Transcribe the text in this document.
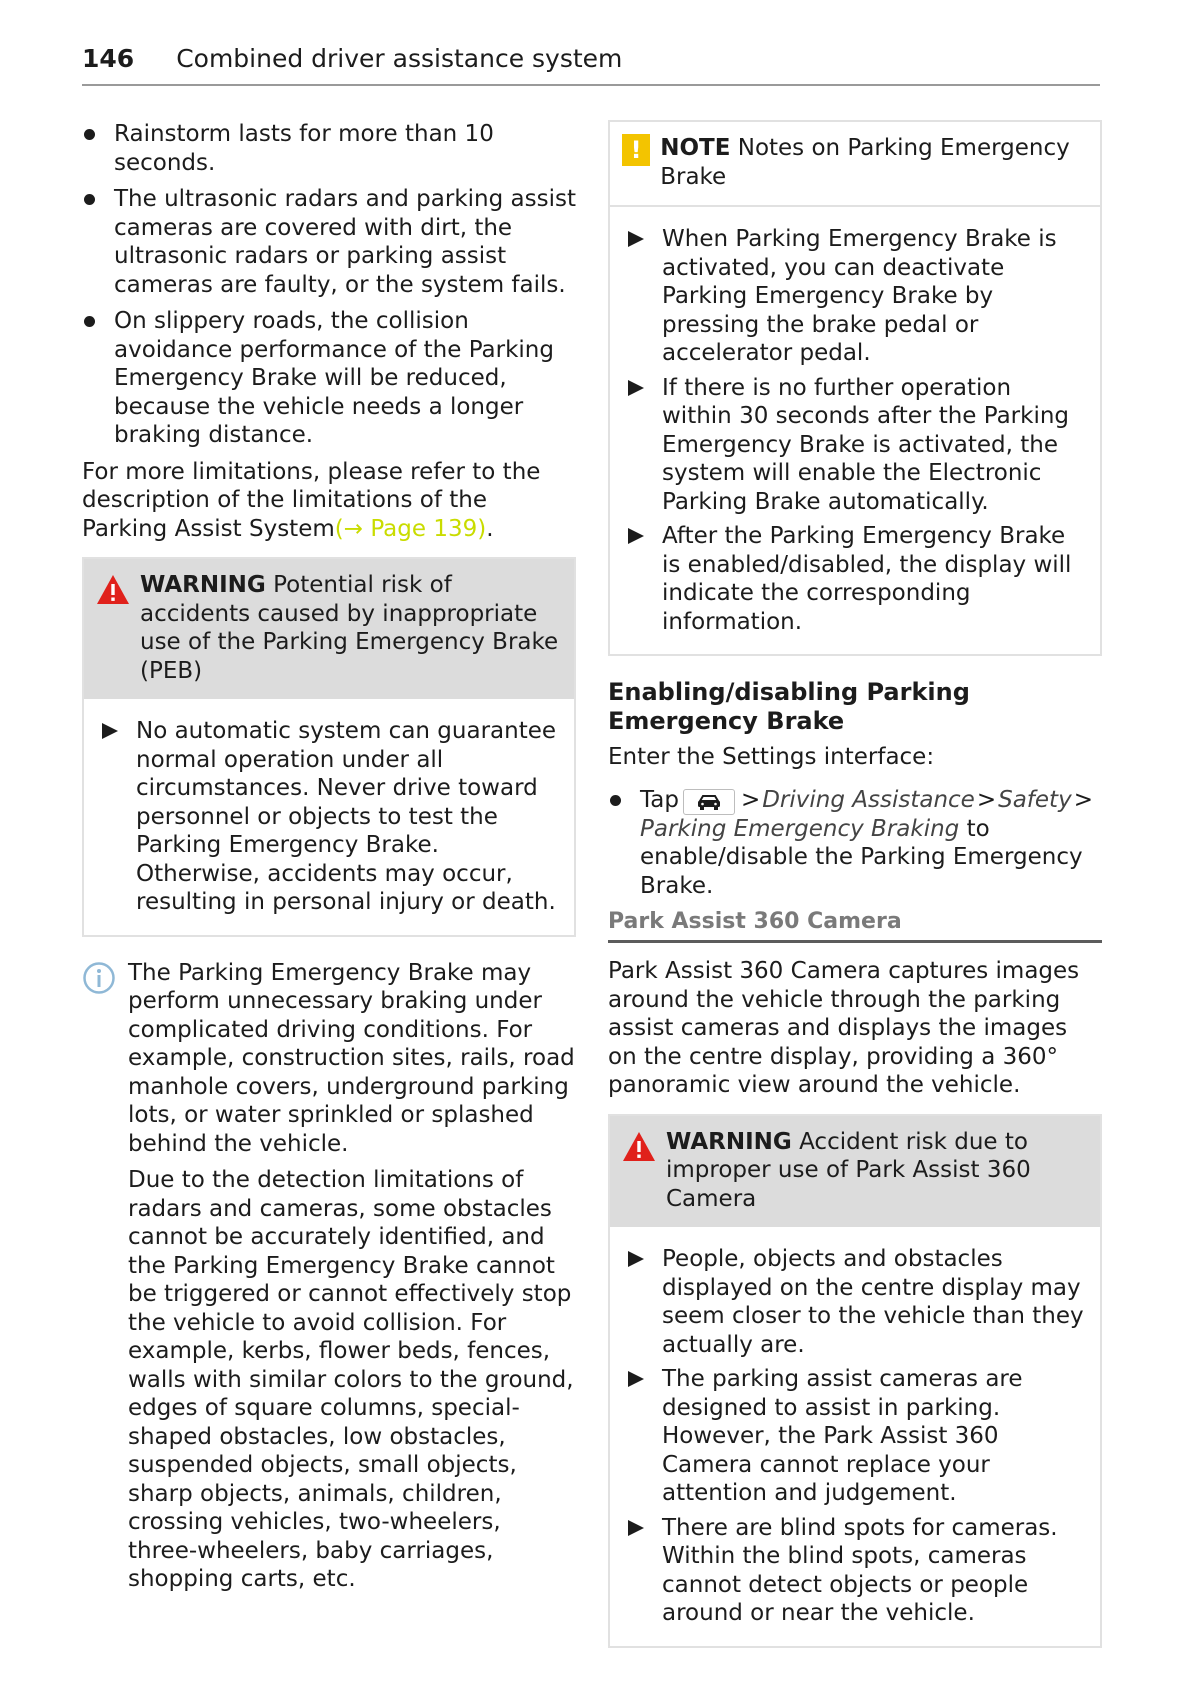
146 Combined driver assistance system
Rainstorm lasts for more than 10 seconds.
The ultrasonic radars and parking assist cameras are covered with dirt, the ultrasonic radars or parking assist cameras are faulty, or the system fails.
On slippery roads, the collision avoidance performance of the Parking Emergency Brake will be reduced, because the vehicle needs a longer braking distance.

For more limitations, please refer to the description of the limitations of the Parking Assist System(→ Page 139).

WARNING Potential risk of accidents caused by inappropriate use of the Parking Emergency Brake (PEB)
No automatic system can guarantee normal operation under all circumstances. Never drive toward personnel or objects to test the Parking Emergency Brake. Otherwise, accidents may occur, resulting in personal injury or death.

The Parking Emergency Brake may perform unnecessary braking under complicated driving conditions. For example, construction sites, rails, road manhole covers, underground parking lots, or water sprinkled or splashed behind the vehicle.

Due to the detection limitations of radars and cameras, some obstacles cannot be accurately identified, and the Parking Emergency Brake cannot be triggered or cannot effectively stop the vehicle to avoid collision. For example, kerbs, flower beds, fences, walls with similar colors to the ground, edges of square columns, special-shaped obstacles, low obstacles, suspended objects, small objects, sharp objects, animals, children, crossing vehicles, two-wheelers, three-wheelers, baby carriages, shopping carts, etc.

! NOTE Notes on Parking Emergency Brake
When Parking Emergency Brake is activated, you can deactivate Parking Emergency Brake by pressing the brake pedal or accelerator pedal.
If there is no further operation within 30 seconds after the Parking Emergency Brake is activated, the system will enable the Electronic Parking Brake automatically.
After the Parking Emergency Brake is enabled/disabled, the display will indicate the corresponding information.
Enabling/disabling Parking Emergency Brake

Enter the Settings interface:

Tap	>Driving Assistance>Safety>Parking Emergency Braking to enable/disable the Parking Emergency Brake.
Park Assist 360 Camera

Park Assist 360 Camera captures images around the vehicle through the parking assist cameras and displays the images on the centre display, providing a 360° panoramic view around the vehicle.

WARNING Accident risk due to improper use of Park Assist 360 Camera
People, objects and obstacles displayed on the centre display may seem closer to the vehicle than they actually are.
The parking assist cameras are designed to assist in parking. However, the Park Assist 360 Camera cannot replace your attention and judgement.
There are blind spots for cameras. Within the blind spots, cameras cannot detect objects or people around or near the vehicle.
